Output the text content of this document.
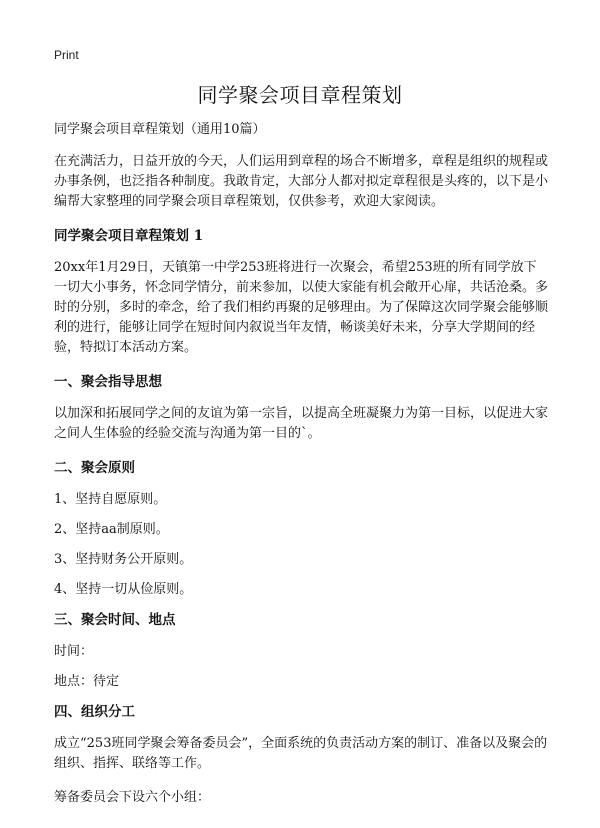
Print
同学聚会项目章程策划

同学聚会项目章程策划（通用10篇）

在充满活力，日益开放的今天，人们运用到章程的场合不断增多，章程是组织的规程或办事条例，也泛指各种制度。我敢肯定，大部分人都对拟定章程很是头疼的，以下是小编帮大家整理的同学聚会项目章程策划，仅供参考，欢迎大家阅读。

同学聚会项目章程策划 1

20xx年1月29日，天镇第一中学253班将进行一次聚会，希望253班的所有同学放下一切大小事务，怀念同学情分，前来参加，以使大家能有机会敞开心扉，共话沧桑。多时的分别，多时的牵念，给了我们相约再聚的足够理由。为了保障这次同学聚会能够顺利的进行，能够让同学在短时间内叙说当年友情，畅谈美好未来，分享大学期间的经验，特拟订本活动方案。

一、聚会指导思想

以加深和拓展同学之间的友谊为第一宗旨，以提高全班凝聚力为第一目标，以促进大家之间人生体验的经验交流与沟通为第一目的`。

二、聚会原则

1、坚持自愿原则。

2、坚持aa制原则。

3、坚持财务公开原则。

4、坚持一切从俭原则。

三、聚会时间、地点

时间：

地点：待定

四、组织分工

成立“253班同学聚会筹备委员会”，全面系统的负责活动方案的制订、准备以及聚会的组织、指挥、联络等工作。

筹备委员会下设六个小组：
